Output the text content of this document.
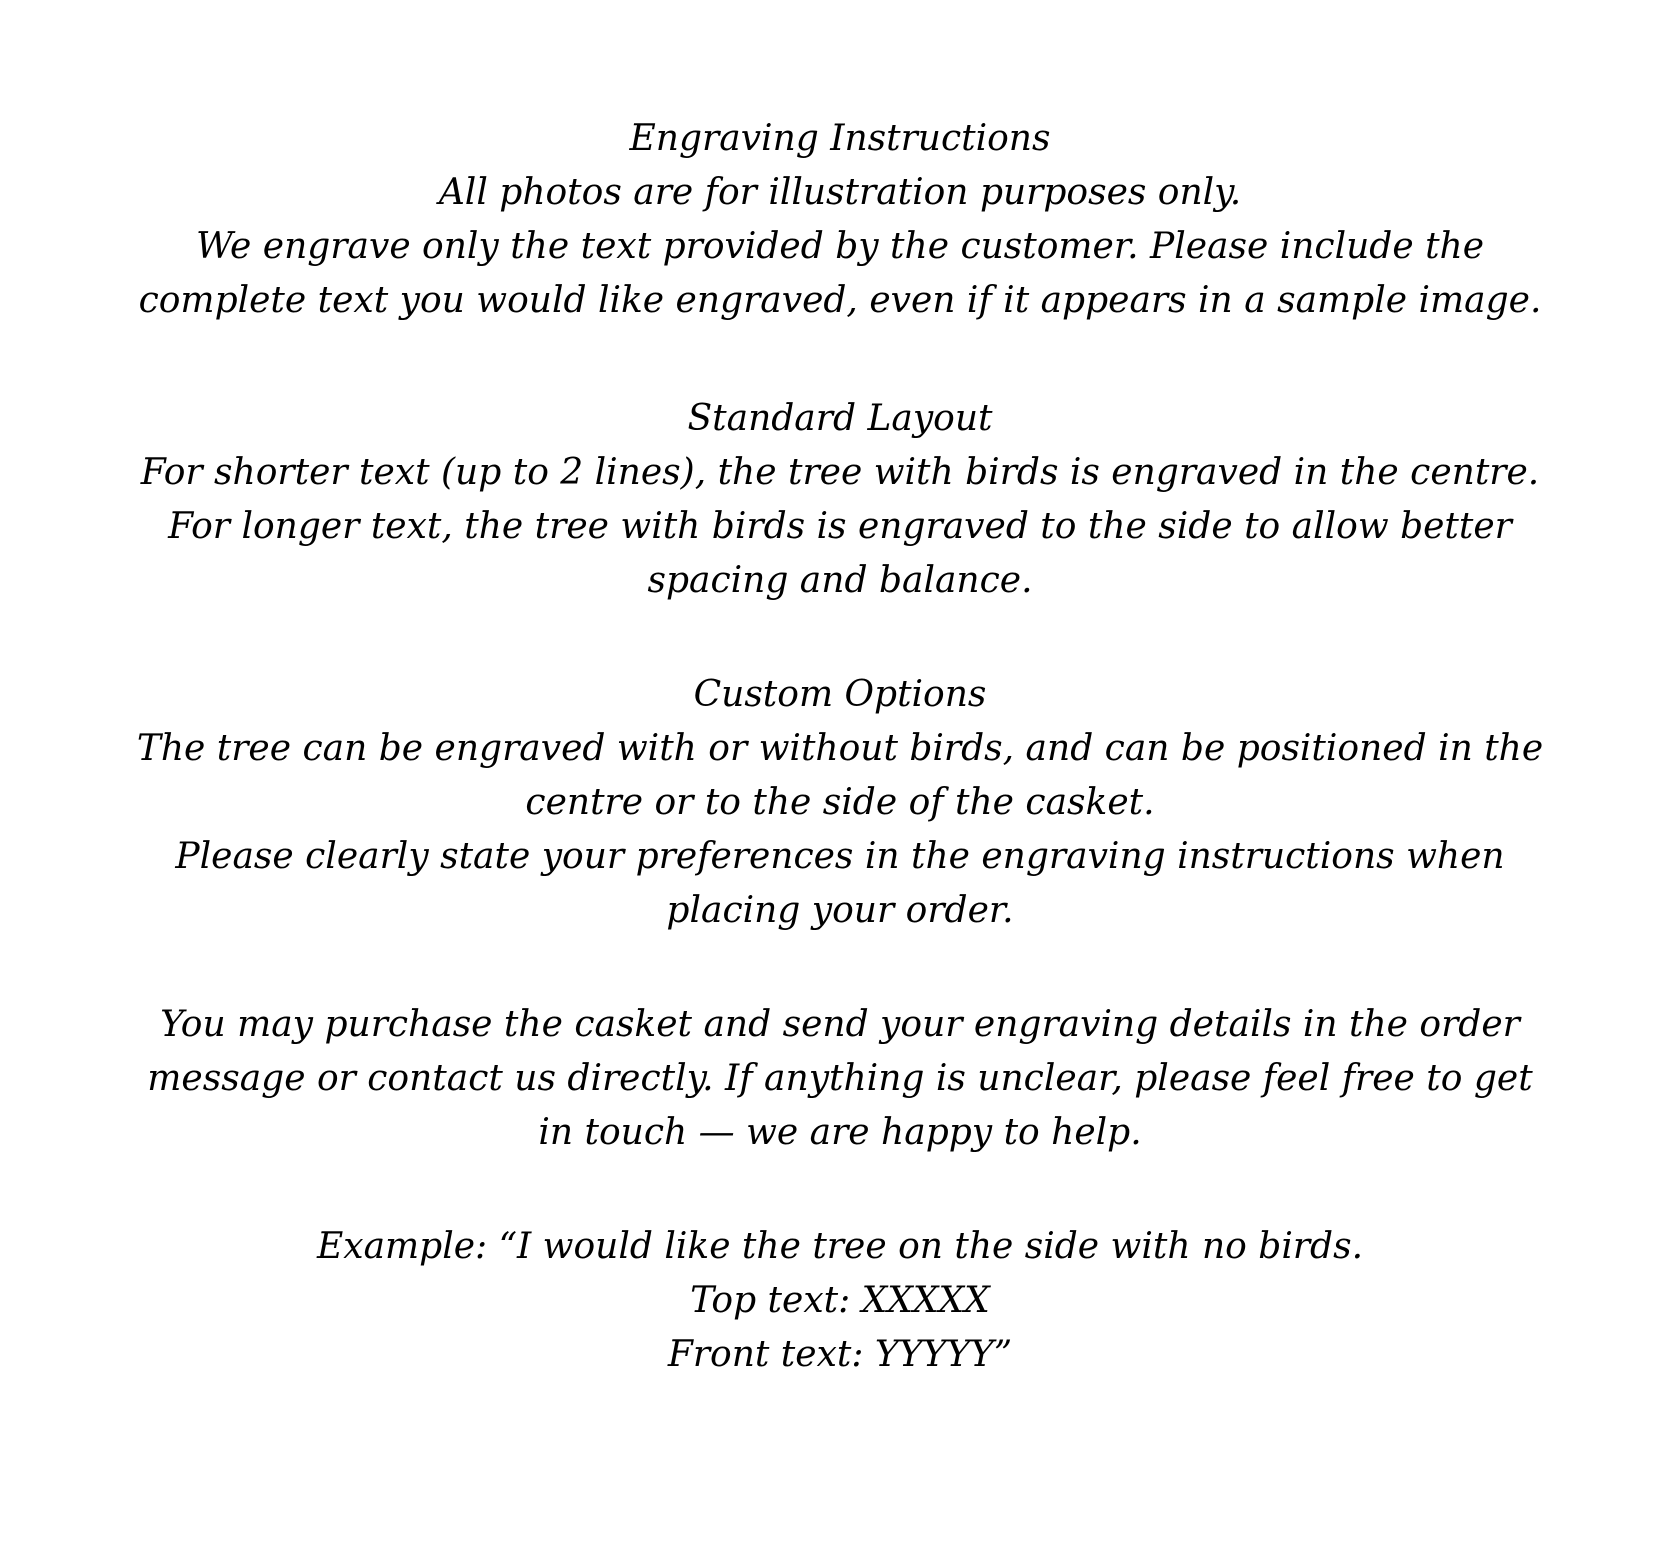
Engraving Instructions
All photos are for illustration purposes only.
We engrave only the text provided by the customer. Please include the
complete text you would like engraved, even if it appears in a sample image.
Standard Layout
For shorter text (up to 2 lines), the tree with birds is engraved in the centre.
For longer text, the tree with birds is engraved to the side to allow better
spacing and balance.
Custom Options
The tree can be engraved with or without birds, and can be positioned in the
centre or to the side of the casket.
Please clearly state your preferences in the engraving instructions when
placing your order.
You may purchase the casket and send your engraving details in the order
message or contact us directly. If anything is unclear, please feel free to get
in touch — we are happy to help.
Example: “I would like the tree on the side with no birds.
Top text: XXXXX
Front text: YYYYY”
